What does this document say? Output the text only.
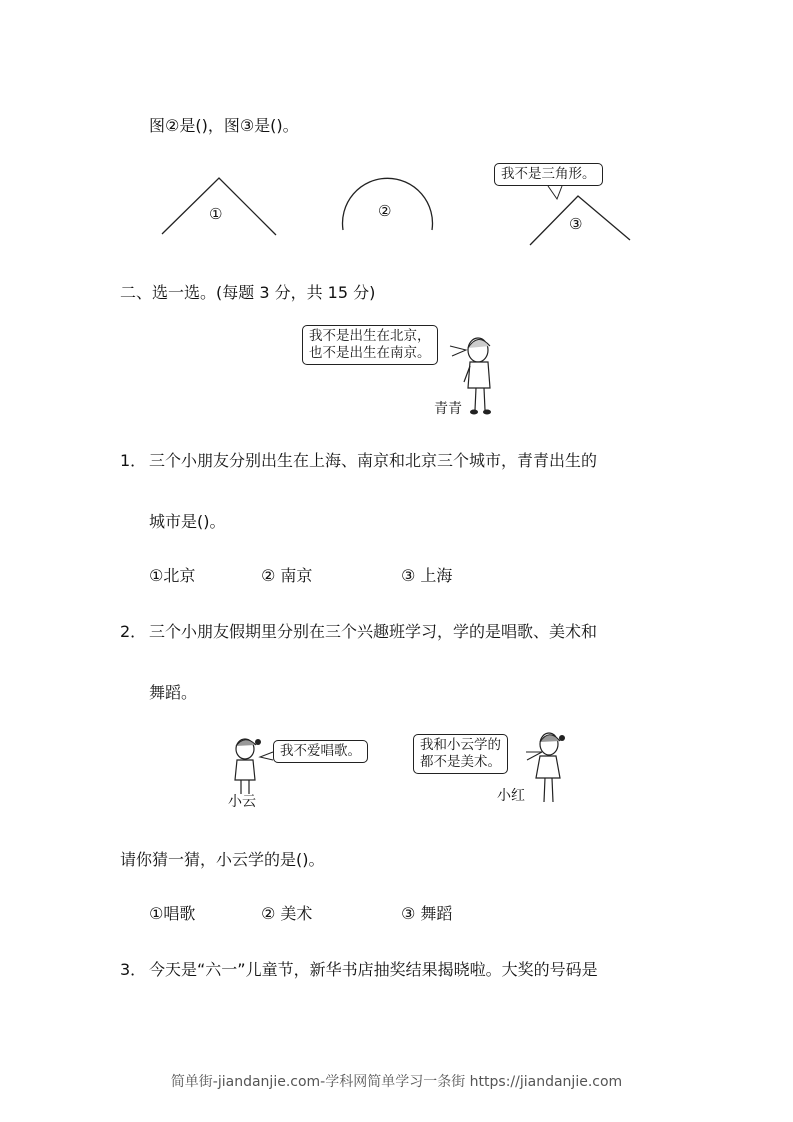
图②是()，图③是()。
①	②
③
我不是三角形。
二、选一选。(每题 3 分，共 15 分)
我不是出生在北京，
也不是出生在南京。
青青
1． 三个小朋友分别出生在上海、南京和北京三个城市，青青出生的
城市是()。
①北京	② 南京	③ 上海
2． 三个小朋友假期里分别在三个兴趣班学习，学的是唱歌、美术和
舞蹈。
我不爱唱歌。	我和小云学的
都不是美术。
小云	小红
请你猜一猜，小云学的是()。
①唱歌	② 美术	③ 舞蹈
3． 今天是“六一”儿童节，新华书店抽奖结果揭晓啦。大奖的号码是
简单街-jiandanjie.com-学科网简单学习一条街 https://jiandanjie.com
